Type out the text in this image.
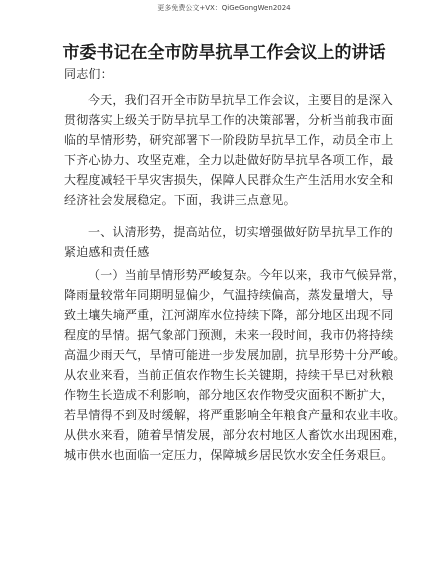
更多免费公文+VX：QiGeGongWen2024
市委书记在全市防旱抗旱工作会议上的讲话
同志们：
今天，我们召开全市防旱抗旱工作会议，主要目的是深入
贯彻落实上级关于防旱抗旱工作的决策部署，分析当前我市面
临的旱情形势，研究部署下一阶段防旱抗旱工作，动员全市上
下齐心协力、攻坚克难，全力以赴做好防旱抗旱各项工作，最
大程度减轻干旱灾害损失，保障人民群众生产生活用水安全和
经济社会发展稳定。下面，我讲三点意见。
一、认清形势，提高站位，切实增强做好防旱抗旱工作的
紧迫感和责任感
（一）当前旱情形势严峻复杂。今年以来，我市气候异常，
降雨量较常年同期明显偏少，气温持续偏高，蒸发量增大，导
致土壤失墒严重，江河湖库水位持续下降，部分地区出现不同
程度的旱情。据气象部门预测，未来一段时间，我市仍将持续
高温少雨天气，旱情可能进一步发展加剧，抗旱形势十分严峻。
从农业来看，当前正值农作物生长关键期，持续干旱已对秋粮
作物生长造成不利影响，部分地区农作物受灾面积不断扩大，
若旱情得不到及时缓解，将严重影响全年粮食产量和农业丰收。
从供水来看，随着旱情发展，部分农村地区人畜饮水出现困难，
城市供水也面临一定压力，保障城乡居民饮水安全任务艰巨。
